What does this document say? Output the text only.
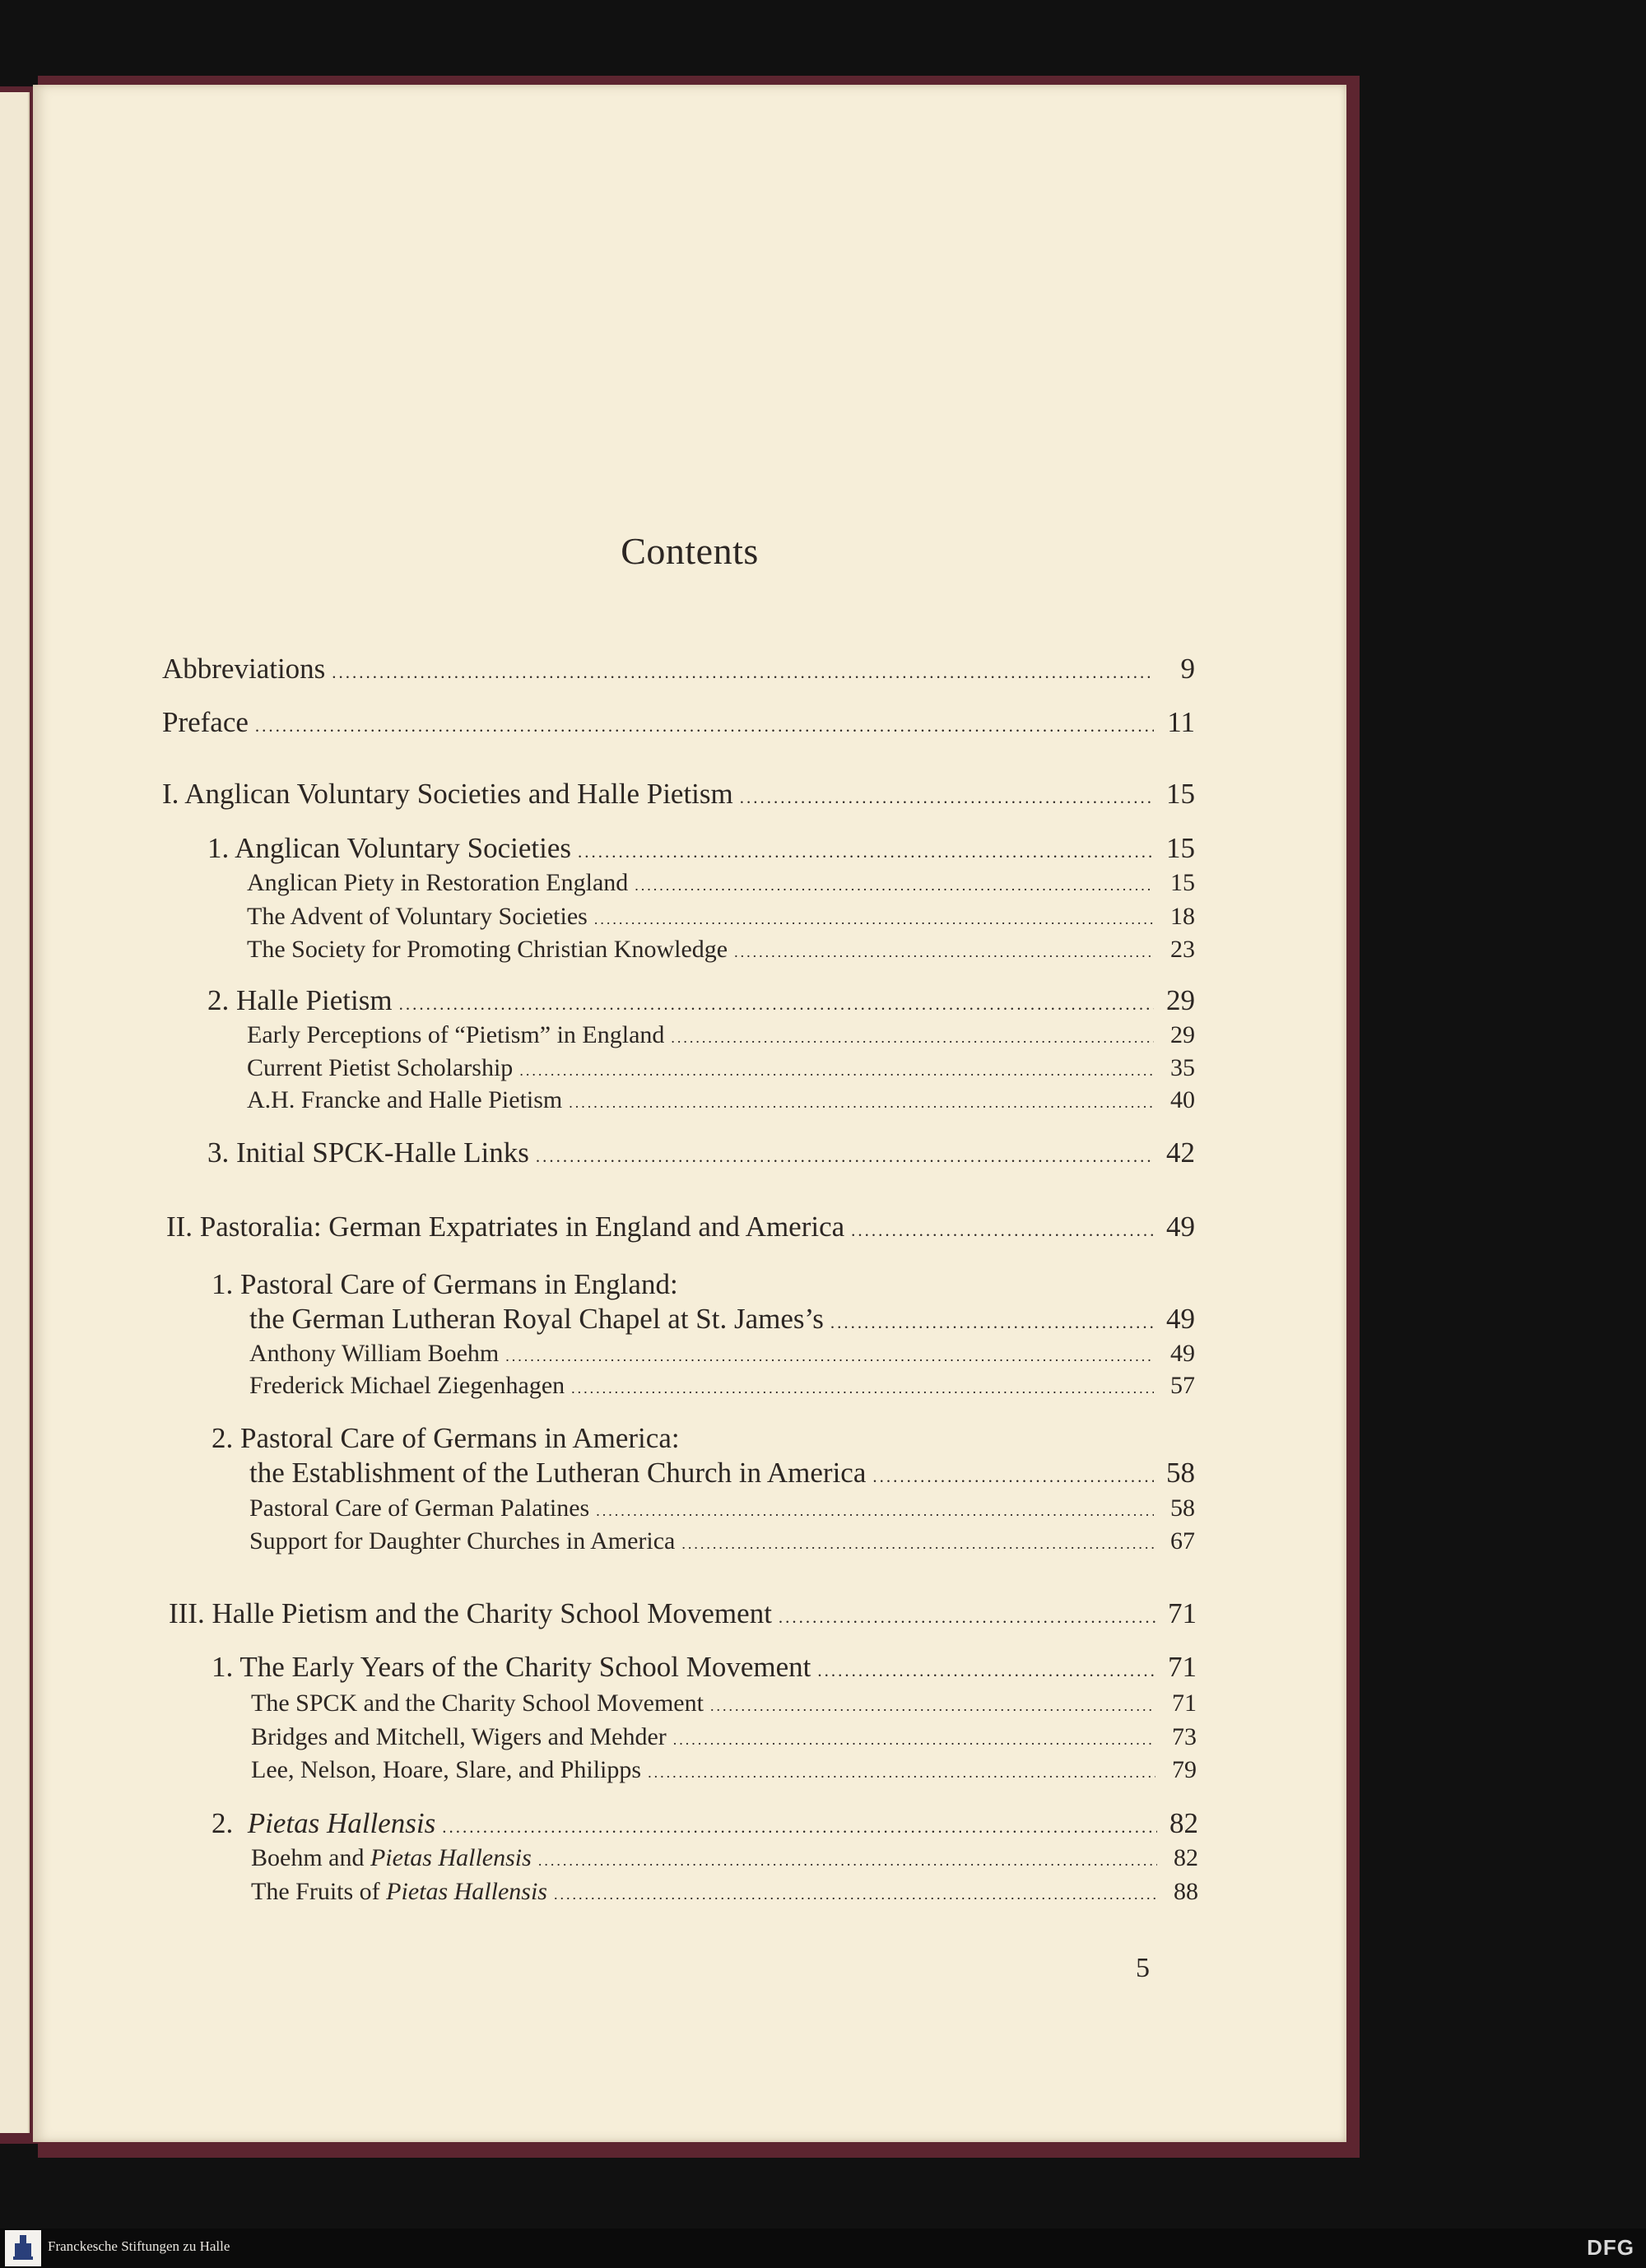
Contents
Abbreviations .....	9
Preface .....	11
I. Anglican Voluntary Societies and Halle Pietism .....	15
1. Anglican Voluntary Societies .....	15
Anglican Piety in Restoration England .....	15
The Advent of Voluntary Societies .....	18
The Society for Promoting Christian Knowledge .....	23
2. Halle Pietism .....	29
Early Perceptions of “Pietism” in England .....	29
Current Pietist Scholarship .....	35
A.H. Francke and Halle Pietism .....	40
3. Initial SPCK-Halle Links .....	42
II. Pastoralia: German Expatriates in England and America .....	49
1. Pastoral Care of Germans in England:
the German Lutheran Royal Chapel at St. James’s .....	49
Anthony William Boehm .....	49
Frederick Michael Ziegenhagen .....	57
2. Pastoral Care of Germans in America:
the Establishment of the Lutheran Church in America .....	58
Pastoral Care of German Palatines .....	58
Support for Daughter Churches in America .....	67
III. Halle Pietism and the Charity School Movement .....	71
1. The Early Years of the Charity School Movement .....	71
The SPCK and the Charity School Movement .....	71
Bridges and Mitchell, Wigers and Mehder .....	73
Lee, Nelson, Hoare, Slare, and Philipps .....	79
2. Pietas Hallensis .....	82
Boehm and Pietas Hallensis .....	82
The Fruits of Pietas Hallensis .....	88
5
Franckesche Stiftungen zu Halle	DFG
